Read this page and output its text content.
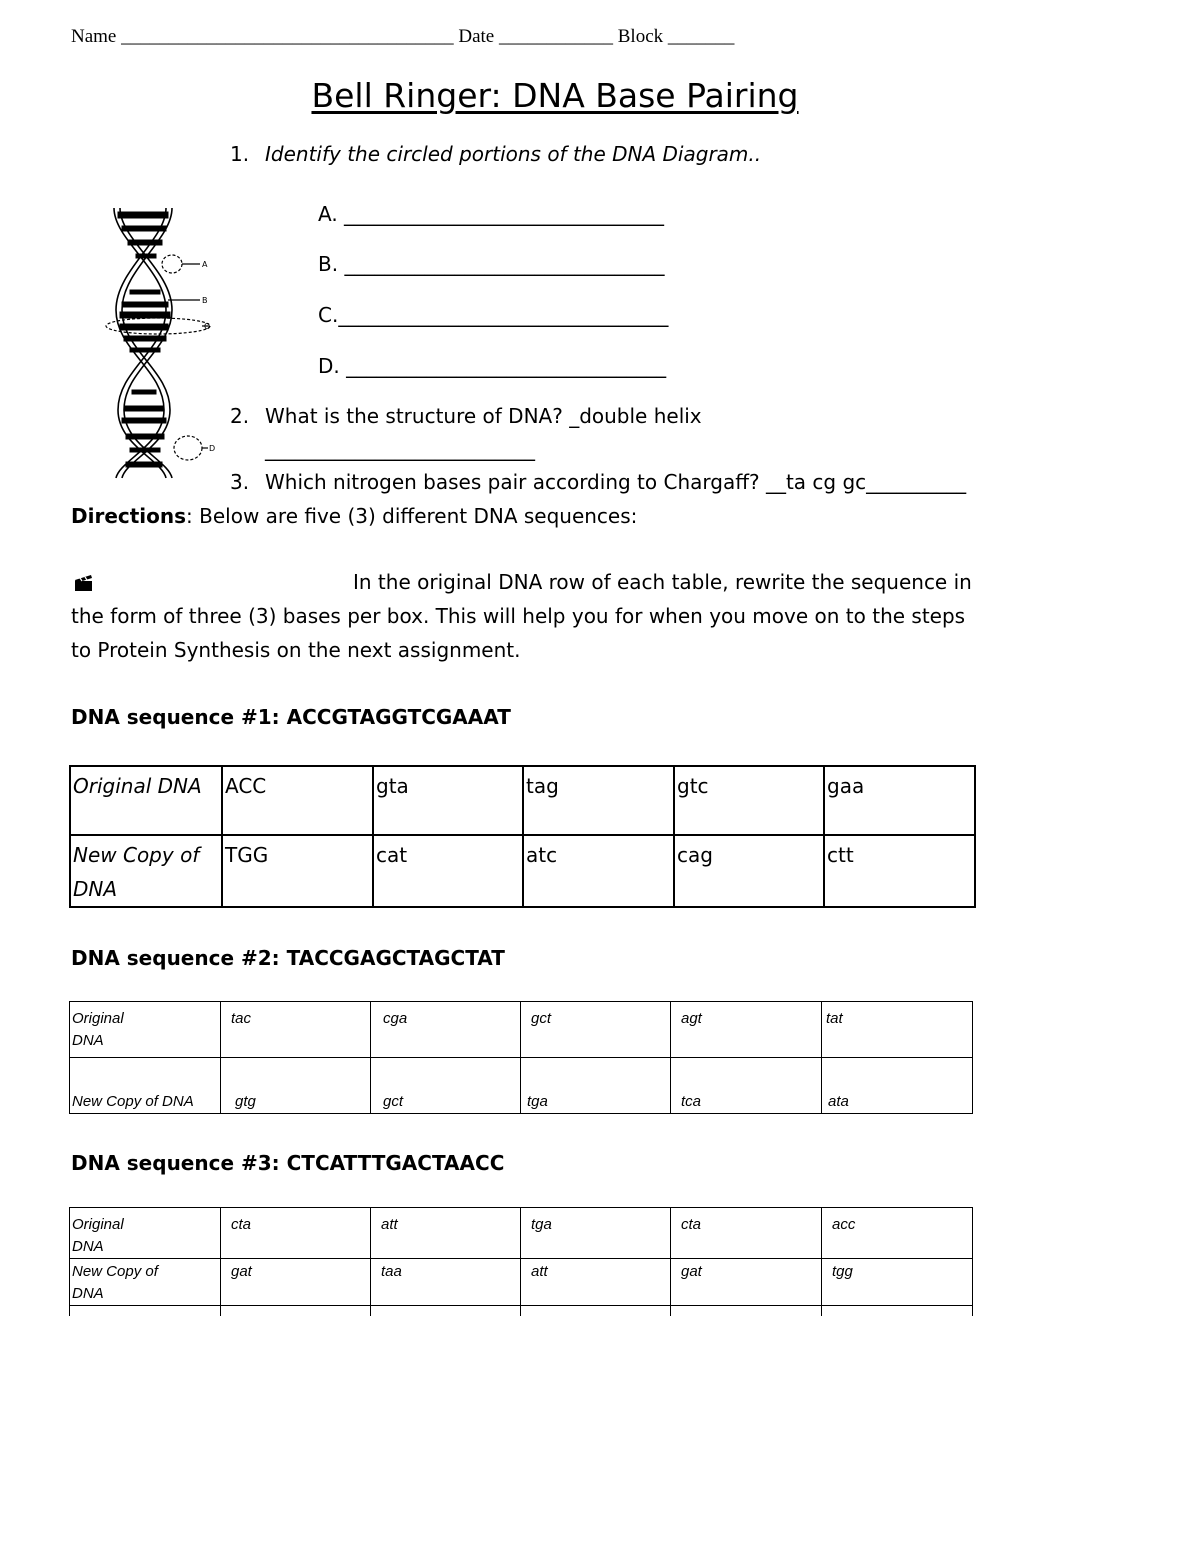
Name ___________________________________ Date ____________ Block _______
Bell Ringer: DNA Base Pairing
1. Identify the circled portions of the DNA Diagram..
A. ________________________________
B. ________________________________
C._________________________________
D. ________________________________
A
B
C
D
2. What is the structure of DNA? _double helix
___________________________
3. Which nitrogen bases pair according to Chargaff? __ta cg gc__________
Directions: Below are five (3) different DNA sequences:
In the original DNA row of each table, rewrite the sequence in
the form of three (3) bases per box. This will help you for when you move on to the steps
to Protein Synthesis on the next assignment.
DNA sequence #1: ACCGTAGGTCGAAAT
Original DNA	ACC	gta	tag	gtc	gaa
New Copy of DNA	TGG	cat	atc	cag	ctt
DNA sequence #2: TACCGAGCTAGCTAT
Original
DNA	tac	cga	gct	agt	tat
New Copy of DNA	gtg	gct	tga	tca	ata
DNA sequence #3: CTCATTTGACTAACC
Original
DNA	cta	att	tga	cta	acc
New Copy of
DNA	gat	taa	att	gat	tgg
